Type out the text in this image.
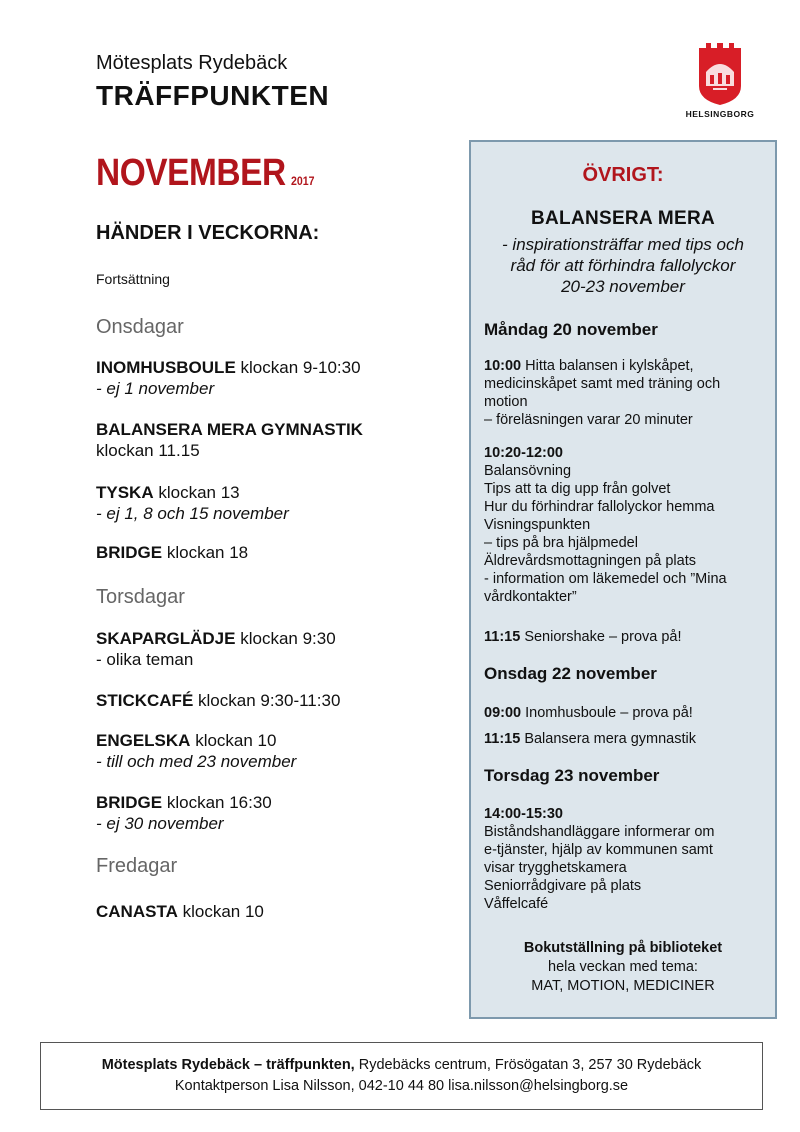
Mötesplats Rydebäck
TRÄFFPUNKTEN
HELSINGBORG
NOVEMBER 2017
HÄNDER I VECKORNA:
Fortsättning
Onsdagar
Torsdagar
Fredagar
INOMHUSBOULE klockan 9-10:30
- ej 1 november
BALANSERA MERA GYMNASTIK
klockan 11.15
TYSKA klockan 13
- ej 1, 8 och 15 november
BRIDGE klockan 18
SKAPARGLÄDJE klockan 9:30
- olika teman
STICKCAFÉ klockan 9:30-11:30
ENGELSKA klockan 10
- till och med 23 november
BRIDGE klockan 16:30
- ej 30 november
CANASTA klockan 10
ÖVRIGT:
BALANSERA MERA
- inspirationsträffar med tips och
råd för att förhindra fallolyckor
20-23 november
Måndag 20 november
10:00 Hitta balansen i kylskåpet,
medicinskåpet samt med träning och
motion
– föreläsningen varar 20 minuter
10:20-12:00
Balansövning
Tips att ta dig upp från golvet
Hur du förhindrar fallolyckor hemma
Visningspunkten
– tips på bra hjälpmedel
Äldrevårdsmottagningen på plats
- information om läkemedel och ”Mina
vårdkontakter”
11:15 Seniorshake – prova på!
Onsdag 22 november
09:00 Inomhusboule – prova på!
11:15 Balansera mera gymnastik
Torsdag 23 november
14:00-15:30
Biståndshandläggare informerar om
e-tjänster, hjälp av kommunen samt
visar trygghetskamera
Seniorrådgivare på plats
Våffelcafé
Bokutställning på biblioteket
hela veckan med tema:
MAT, MOTION, MEDICINER
Mötesplats Rydebäck – träffpunkten, Rydebäcks centrum, Frösögatan 3, 257 30 Rydebäck
Kontaktperson Lisa Nilsson, 042-10 44 80 lisa.nilsson@helsingborg.se
